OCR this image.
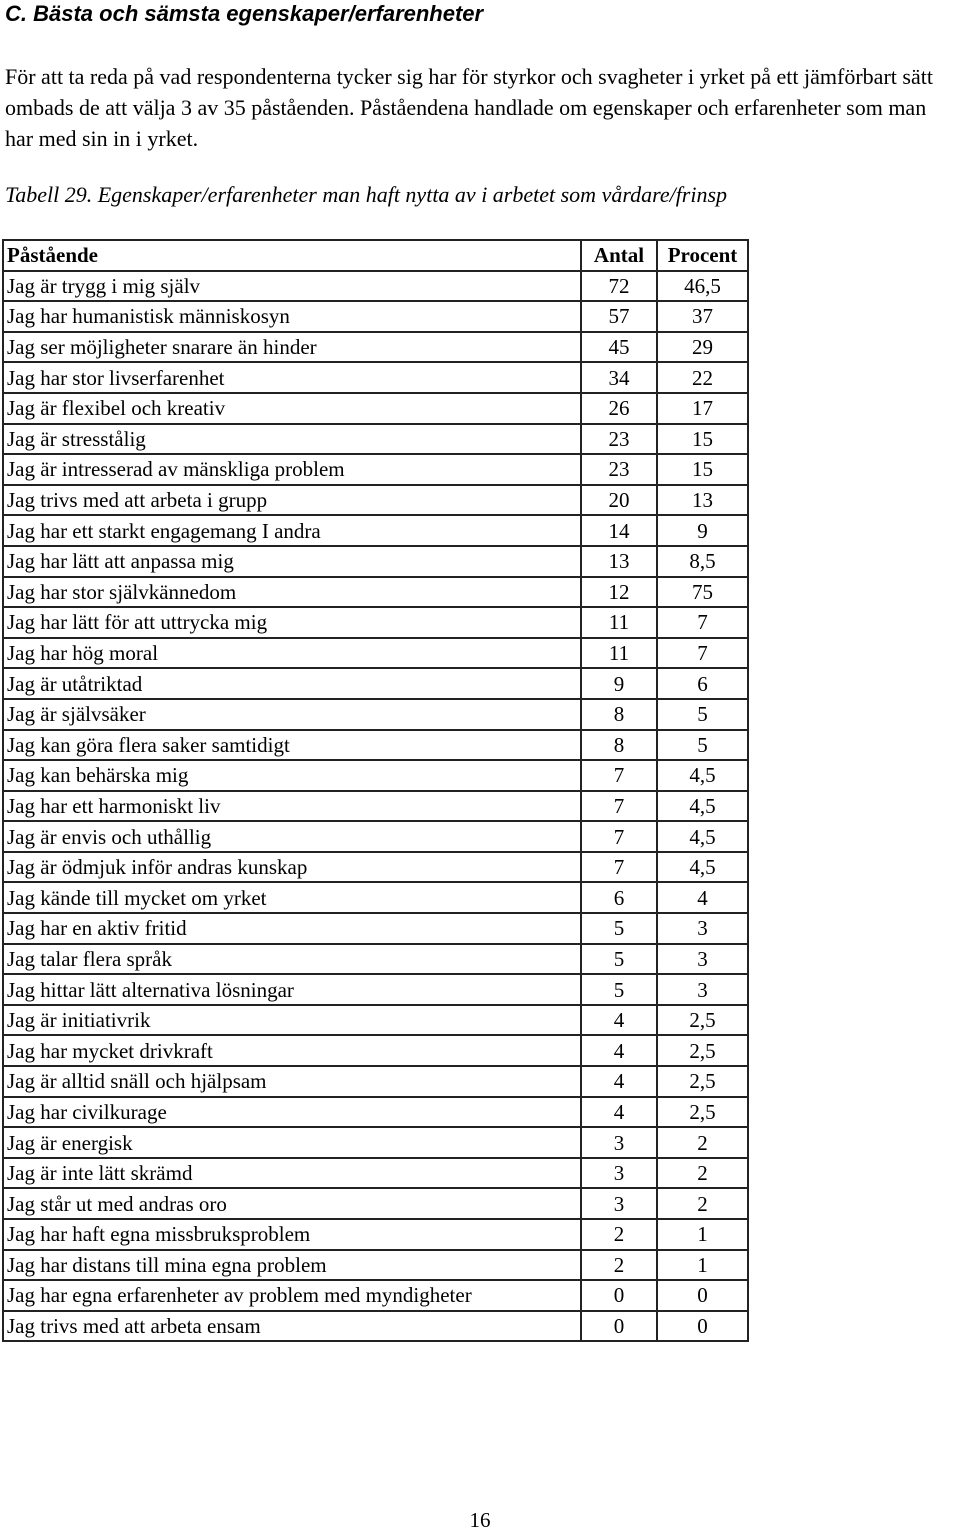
C. Bästa och sämsta egenskaper/erfarenheter

För att ta reda på vad respondenterna tycker sig har för styrkor och svagheter i yrket på ett jämförbart sätt ombads de att välja 3 av 35 påståenden. Påståendena handlade om egenskaper och erfarenheter som man har med sin in i yrket.

Tabell 29. Egenskaper/erfarenheter man haft nytta av i arbetet som vårdare/frinsp
Påstående	Antal	Procent
Jag är trygg i mig själv	72	46,5
Jag har humanistisk människosyn	57	37
Jag ser möjligheter snarare än hinder	45	29
Jag har stor livserfarenhet	34	22
Jag är flexibel och kreativ	26	17
Jag är stresstålig	23	15
Jag är intresserad av mänskliga problem	23	15
Jag trivs med att arbeta i grupp	20	13
Jag har ett starkt engagemang I andra	14	9
Jag har lätt att anpassa mig	13	8,5
Jag har stor självkännedom	12	75
Jag har lätt för att uttrycka mig	11	7
Jag har hög moral	11	7
Jag är utåtriktad	9	6
Jag är självsäker	8	5
Jag kan göra flera saker samtidigt	8	5
Jag kan behärska mig	7	4,5
Jag har ett harmoniskt liv	7	4,5
Jag är envis och uthållig	7	4,5
Jag är ödmjuk inför andras kunskap	7	4,5
Jag kände till mycket om yrket	6	4
Jag har en aktiv fritid	5	3
Jag talar flera språk	5	3
Jag hittar lätt alternativa lösningar	5	3
Jag är initiativrik	4	2,5
Jag har mycket drivkraft	4	2,5
Jag är alltid snäll och hjälpsam	4	2,5
Jag har civilkurage	4	2,5
Jag är energisk	3	2
Jag är inte lätt skrämd	3	2
Jag står ut med andras oro	3	2
Jag har haft egna missbruksproblem	2	1
Jag har distans till mina egna problem	2	1
Jag har egna erfarenheter av problem med myndigheter	0	0
Jag trivs med att arbeta ensam	0	0
16
